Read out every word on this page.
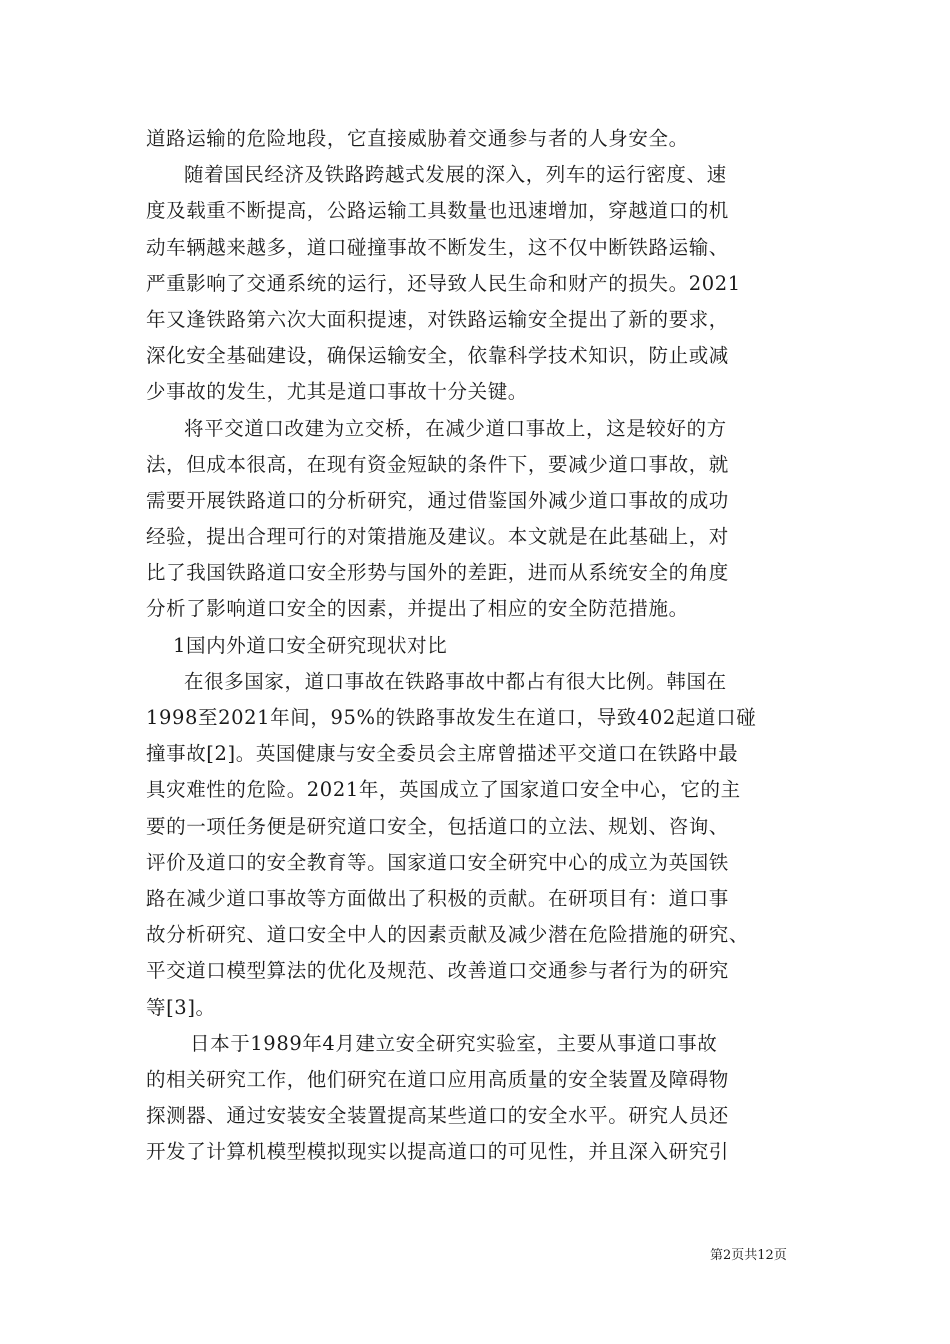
道路运输的危险地段，它直接威胁着交通参与者的人身安全。
随着国民经济及铁路跨越式发展的深入，列车的运行密度、速
度及载重不断提高，公路运输工具数量也迅速增加，穿越道口的机
动车辆越来越多，道口碰撞事故不断发生，这不仅中断铁路运输、
严重影响了交通系统的运行，还导致人民生命和财产的损失。2021
年又逢铁路第六次大面积提速，对铁路运输安全提出了新的要求，
深化安全基础建设，确保运输安全，依靠科学技术知识，防止或减
少事故的发生，尤其是道口事故十分关键。
将平交道口改建为立交桥，在减少道口事故上，这是较好的方
法，但成本很高，在现有资金短缺的条件下，要减少道口事故，就
需要开展铁路道口的分析研究，通过借鉴国外减少道口事故的成功
经验，提出合理可行的对策措施及建议。本文就是在此基础上，对
比了我国铁路道口安全形势与国外的差距，进而从系统安全的角度
分析了影响道口安全的因素，并提出了相应的安全防范措施。
1国内外道口安全研究现状对比
在很多国家，道口事故在铁路事故中都占有很大比例。韩国在
1998至2021年间，95%的铁路事故发生在道口，导致402起道口碰
撞事故[2]。英国健康与安全委员会主席曾描述平交道口在铁路中最
具灾难性的危险。2021年，英国成立了国家道口安全中心，它的主
要的一项任务便是研究道口安全，包括道口的立法、规划、咨询、
评价及道口的安全教育等。国家道口安全研究中心的成立为英国铁
路在减少道口事故等方面做出了积极的贡献。在研项目有：道口事
故分析研究、道口安全中人的因素贡献及减少潜在危险措施的研究、
平交道口模型算法的优化及规范、改善道口交通参与者行为的研究
等[3]。
日本于1989年4月建立安全研究实验室，主要从事道口事故
的相关研究工作，他们研究在道口应用高质量的安全装置及障碍物
探测器、通过安装安全装置提高某些道口的安全水平。研究人员还
开发了计算机模型模拟现实以提高道口的可见性，并且深入研究引
第2页共12页
